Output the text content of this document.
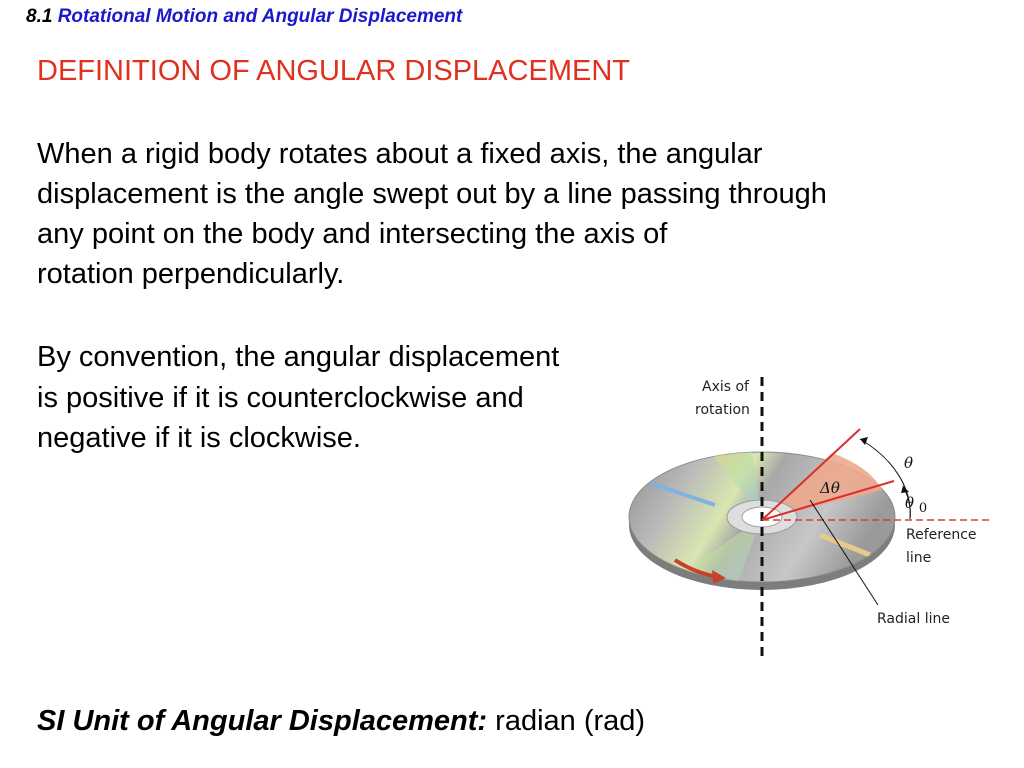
8.1 Rotational Motion and Angular Displacement
DEFINITION OF ANGULAR DISPLACEMENT

When a rigid body rotates about a fixed axis, the angular
displacement is the angle swept out by a line passing through
any point on the body and intersecting the axis of
rotation perpendicularly.

By convention, the angular displacement
is positive if it is counterclockwise and
negative if it is clockwise.

Axis of
rotation
θ
Δθ
θ 0
Reference
line
Radial line
SI Unit of Angular Displacement: radian (rad)
